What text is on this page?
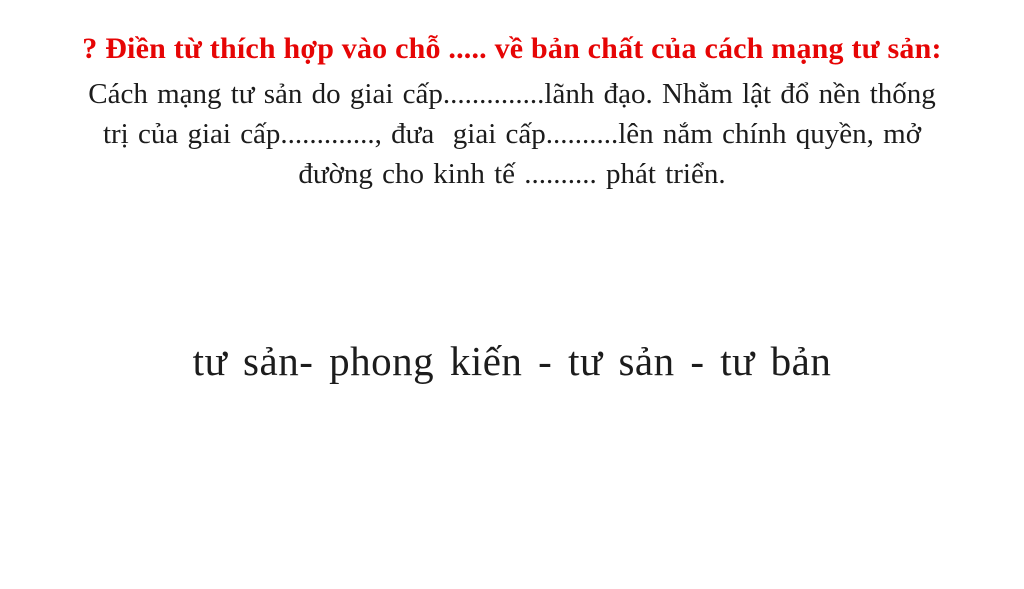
? Điền từ thích hợp vào chỗ ..... về bản chất của cách mạng tư sản:
Cách mạng tư sản do giai cấp..............lãnh đạo. Nhằm lật đổ nền thống
trị của giai cấp............., đưa  giai cấp..........lên nắm chính quyền, mở
đường cho kinh tế .......... phát triển.
tư sản- phong kiến - tư sản - tư bản
